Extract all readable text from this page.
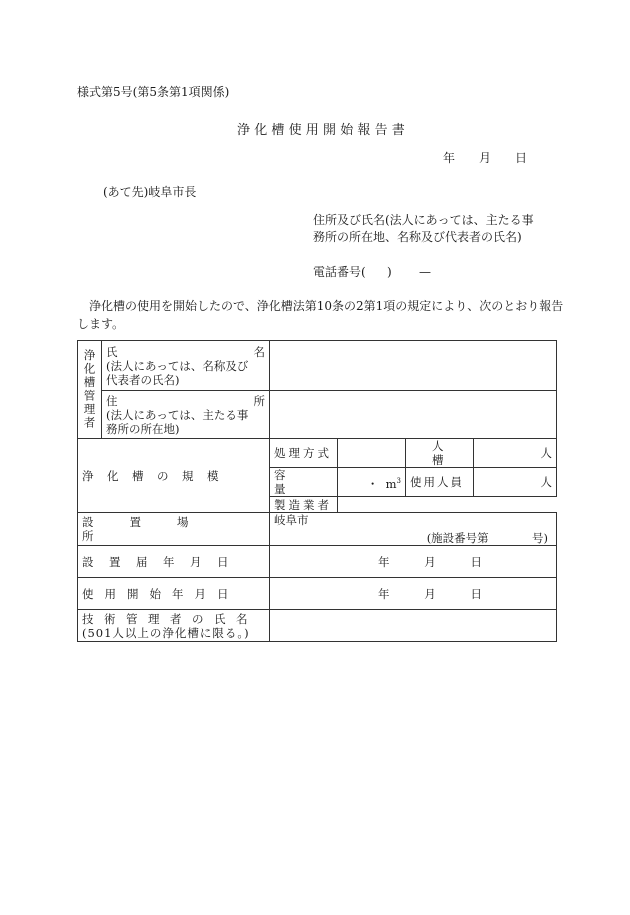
様式第5号(第5条第1項関係)
浄化槽使用開始報告書
年 月 日
(あて先)岐阜市長
住所及び氏名(法人にあっては、主たる事
務所の所在地、名称及び代表者の氏名)
電話番号( ) —
浄化槽の使用を開始したので、浄化槽法第10条の2第1項の規定により、次のとおり報告
します。
浄化槽管理者	氏 名
(法人にあっては、名称及び
代表者の氏名)				

	住 所
(法人にあっては、主たる事
務所の所在地)				

浄化槽の規模		処理方式		人槽	人

		容量	・ $m^3$	使用人員	人

		製造業者			

設置場所		岐阜市
(施設番号第 号)			

設置届年月日		年 月 日			

使用開始年月日		年 月 日			

技術管理者の氏名
(501人以上の浄化槽に限る。)					
